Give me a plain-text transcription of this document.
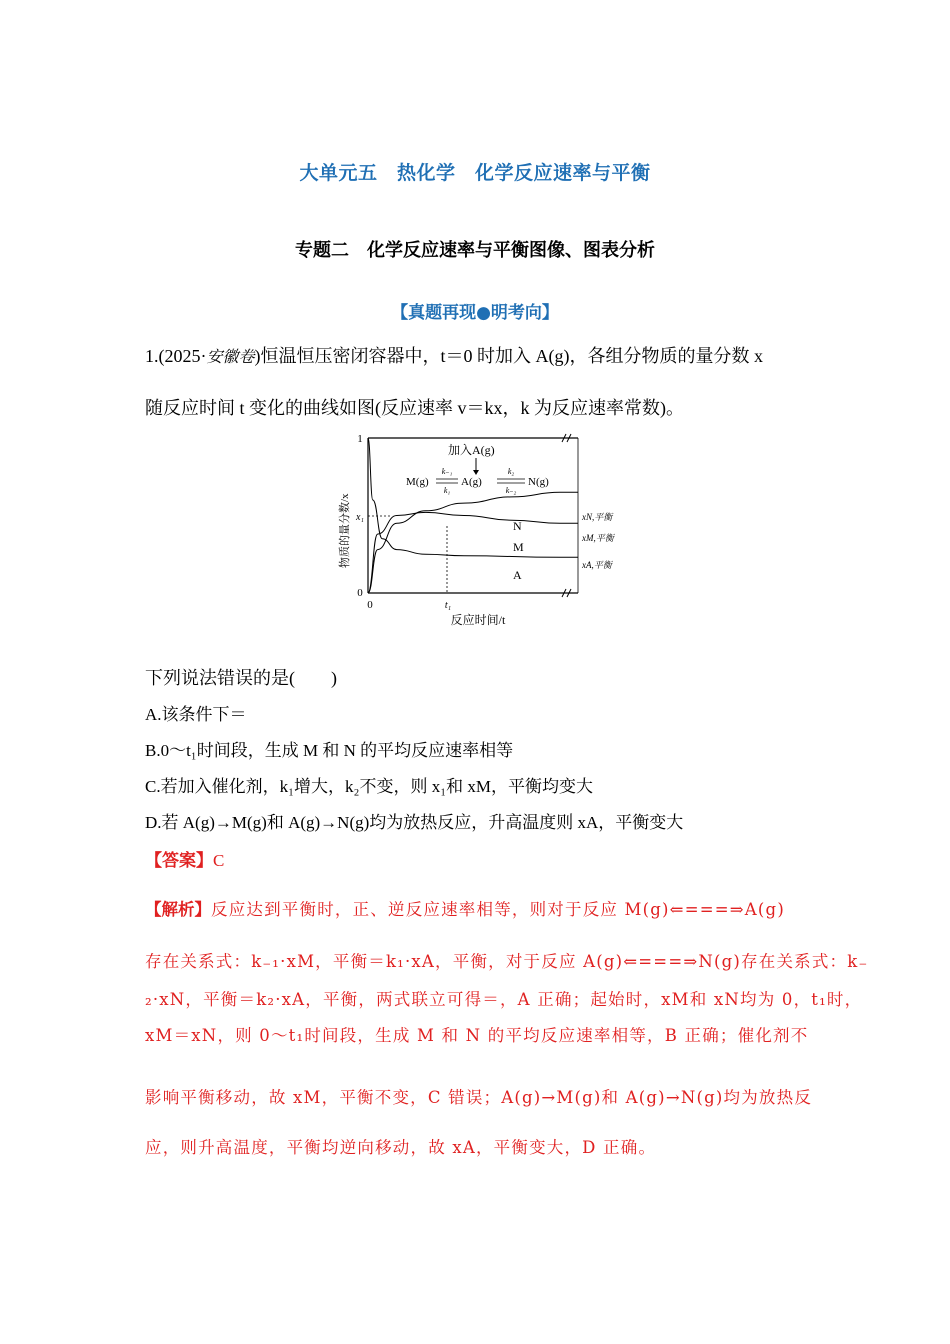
大单元五　热化学　化学反应速率与平衡
专题二　化学反应速率与平衡图像、图表分析
【真题再现●明考向】
1.(2025·安徽卷)恒温恒压密闭容器中，t＝0 时加入 A(g)，各组分物质的量分数 x
随反应时间 t 变化的曲线如图(反应速率 v＝kx，k 为反应速率常数)。
1
x₁
0
0	t₁
物质的量分数/x
反应时间/t
N
M
A
xN,平衡
xM,平衡
xA,平衡
加入A(g)
M(g)	A(g)	N(g)
k₋₁
k₁
k₂
k₋₂
下列说法错误的是(　　)
A.该条件下＝
B.0～t₁时间段，生成 M 和 N 的平均反应速率相等
C.若加入催化剂，k₁增大，k₂不变，则 x₁和 xM，平衡均变大
D.若 A(g)→M(g)和 A(g)→N(g)均为放热反应，升高温度则 xA，平衡变大
【答案】C
【解析】反应达到平衡时，正、逆反应速率相等，则对于反应 M(g)⇐===⇒A(g)
存在关系式：k₋₁·xM，平衡＝k₁·xA，平衡，对于反应 A(g)⇐===⇒N(g)存在关系式：k₋
₂·xN，平衡＝k₂·xA，平衡，两式联立可得＝，A 正确；起始时，xM和 xN均为 0，t₁时，
xM＝xN，则 0～t₁时间段，生成 M 和 N 的平均反应速率相等，B 正确；催化剂不
影响平衡移动，故 xM，平衡不变，C 错误；A(g)→M(g)和 A(g)→N(g)均为放热反
应，则升高温度，平衡均逆向移动，故 xA，平衡变大，D 正确。
